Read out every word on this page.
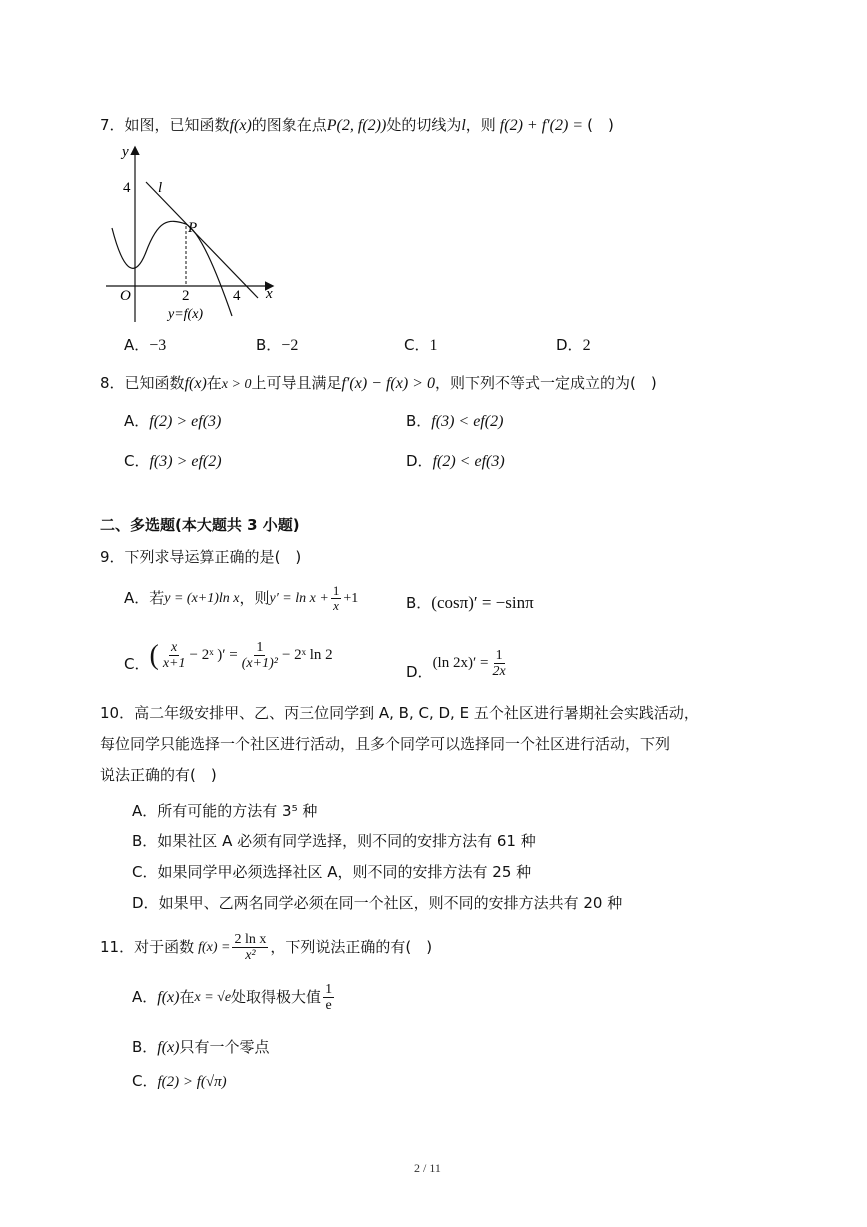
7．如图，已知函数f(x)的图象在点P(2, f(2))处的切线为l，则 f(2) + f′(2) = (　)
y
x
O
4
2	4
l
P
y=f(x)
A．−3	B．−2	C．1	D．2
8．已知函数f(x)在x > 0上可导且满足f′(x) − f(x) > 0，则下列不等式一定成立的为(　)
A．f(2) > ef(3)	B．f(3) < ef(2)
C．f(3) > ef(2)	D．f(2) < ef(3)
二、多选题(本大题共 3 小题)
9．下列求导运算正确的是(　)
A．若 y = (x+1)ln x ，则 $y' = \ln x + \frac{1}{x} +1$	B．(cosπ)′ = −sinπ
C． ( $\frac{x}{x+1}$ − 2ˣ )′ = $\frac{1}{\text{(x+1)²}}$ − 2ˣ ln 2
D． (ln $2x)' = \frac{1}{2x}$
10．高二年级安排甲、乙、丙三位同学到 A, B, C, D, E 五个社区进行暑期社会实践活动，
每位同学只能选择一个社区进行活动，且多个同学可以选择同一个社区进行活动，下列
说法正确的有(　)
A．所有可能的方法有 3⁵ 种
B．如果社区 A 必须有同学选择，则不同的安排方法有 61 种
C．如果同学甲必须选择社区 A，则不同的安排方法有 25 种
D．如果甲、乙两名同学必须在同一个社区，则不同的安排方法共有 20 种
11． 对于函数 $f(x) = \frac{\text{2 ln x}}{\text{x²}}$ ，下列说法正确的有 (　)
A． f(x) 在 x = √e 处取得极大值 $\frac{1}{e}$
B．f(x)只有一个零点
C．f(2) > f(√π)
2 / 11
